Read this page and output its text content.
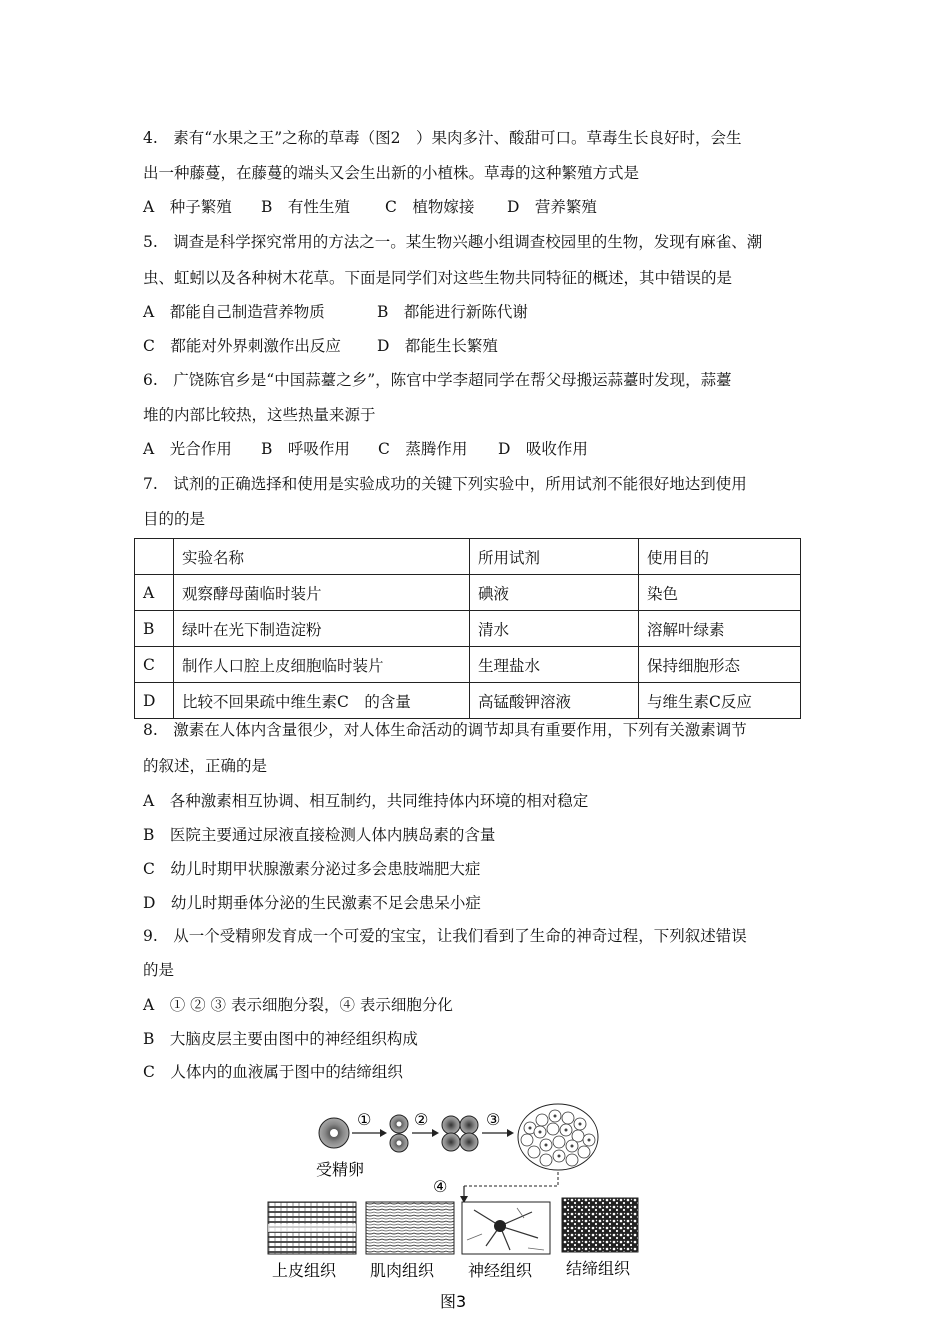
4.　素有“水果之王”之称的草毒（图2　）果肉多汁、酸甜可口。草毒生长良好时，会生
出一种藤蔓，在藤蔓的端头又会生出新的小植株。草毒的这种繁殖方式是
A　种子繁殖 B　有性生殖 C　植物嫁接 D　营养繁殖
5.　调查是科学探究常用的方法之一。某生物兴趣小组调查校园里的生物，发现有麻雀、潮
虫、虹蚓以及各种树木花草。下面是同学们对这些生物共同特征的概述，其中错误的是
A　都能自己制造营养物质	B　都能进行新陈代谢
C　都能对外界刺激作出反应 D　都能生长繁殖
6.　广饶陈官乡是“中国蒜薹之乡”，陈官中学李超同学在帮父母搬运蒜薹时发现，蒜薹
堆的内部比较热，这些热量来源于
A　光合作用 B　呼吸作用 C　蒸腾作用 D　吸收作用
7.　试剂的正确选择和使用是实验成功的关键下列实验中，所用试剂不能很好地达到使用
目的的是
	实验名称	所用试剂	使用目的
A	观察酵母菌临时装片	碘液	染色
B	绿叶在光下制造淀粉	清水	溶解叶绿素
C	制作人口腔上皮细胞临时装片	生理盐水	保持细胞形态
D	比较不回果疏中维生素C　的含量	高锰酸钾溶液	与维生素C反应
8.　激素在人体内含量很少，对人体生命活动的调节却具有重要作用，下列有关激素调节
的叙述，正确的是
A　各种激素相互协调、相互制约，共同维持体内环境的相对稳定
B　医院主要通过尿液直接检测人体内胰岛素的含量
C　幼儿时期甲状腺激素分泌过多会患肢端肥大症
D　幼儿时期垂体分泌的生民激素不足会患呆小症
9.　从一个受精卵发育成一个可爱的宝宝，让我们看到了生命的神奇过程，下列叙述错误
的是
A　① ② ③ 表示细胞分裂，④ 表示细胞分化
B　大脑皮层主要由图中的神经组织构成
C　人体内的血液属于图中的结缔组织
受精卵
①	②	③
④
上皮组织 肌肉组织 神经组织 结缔组织
图3
